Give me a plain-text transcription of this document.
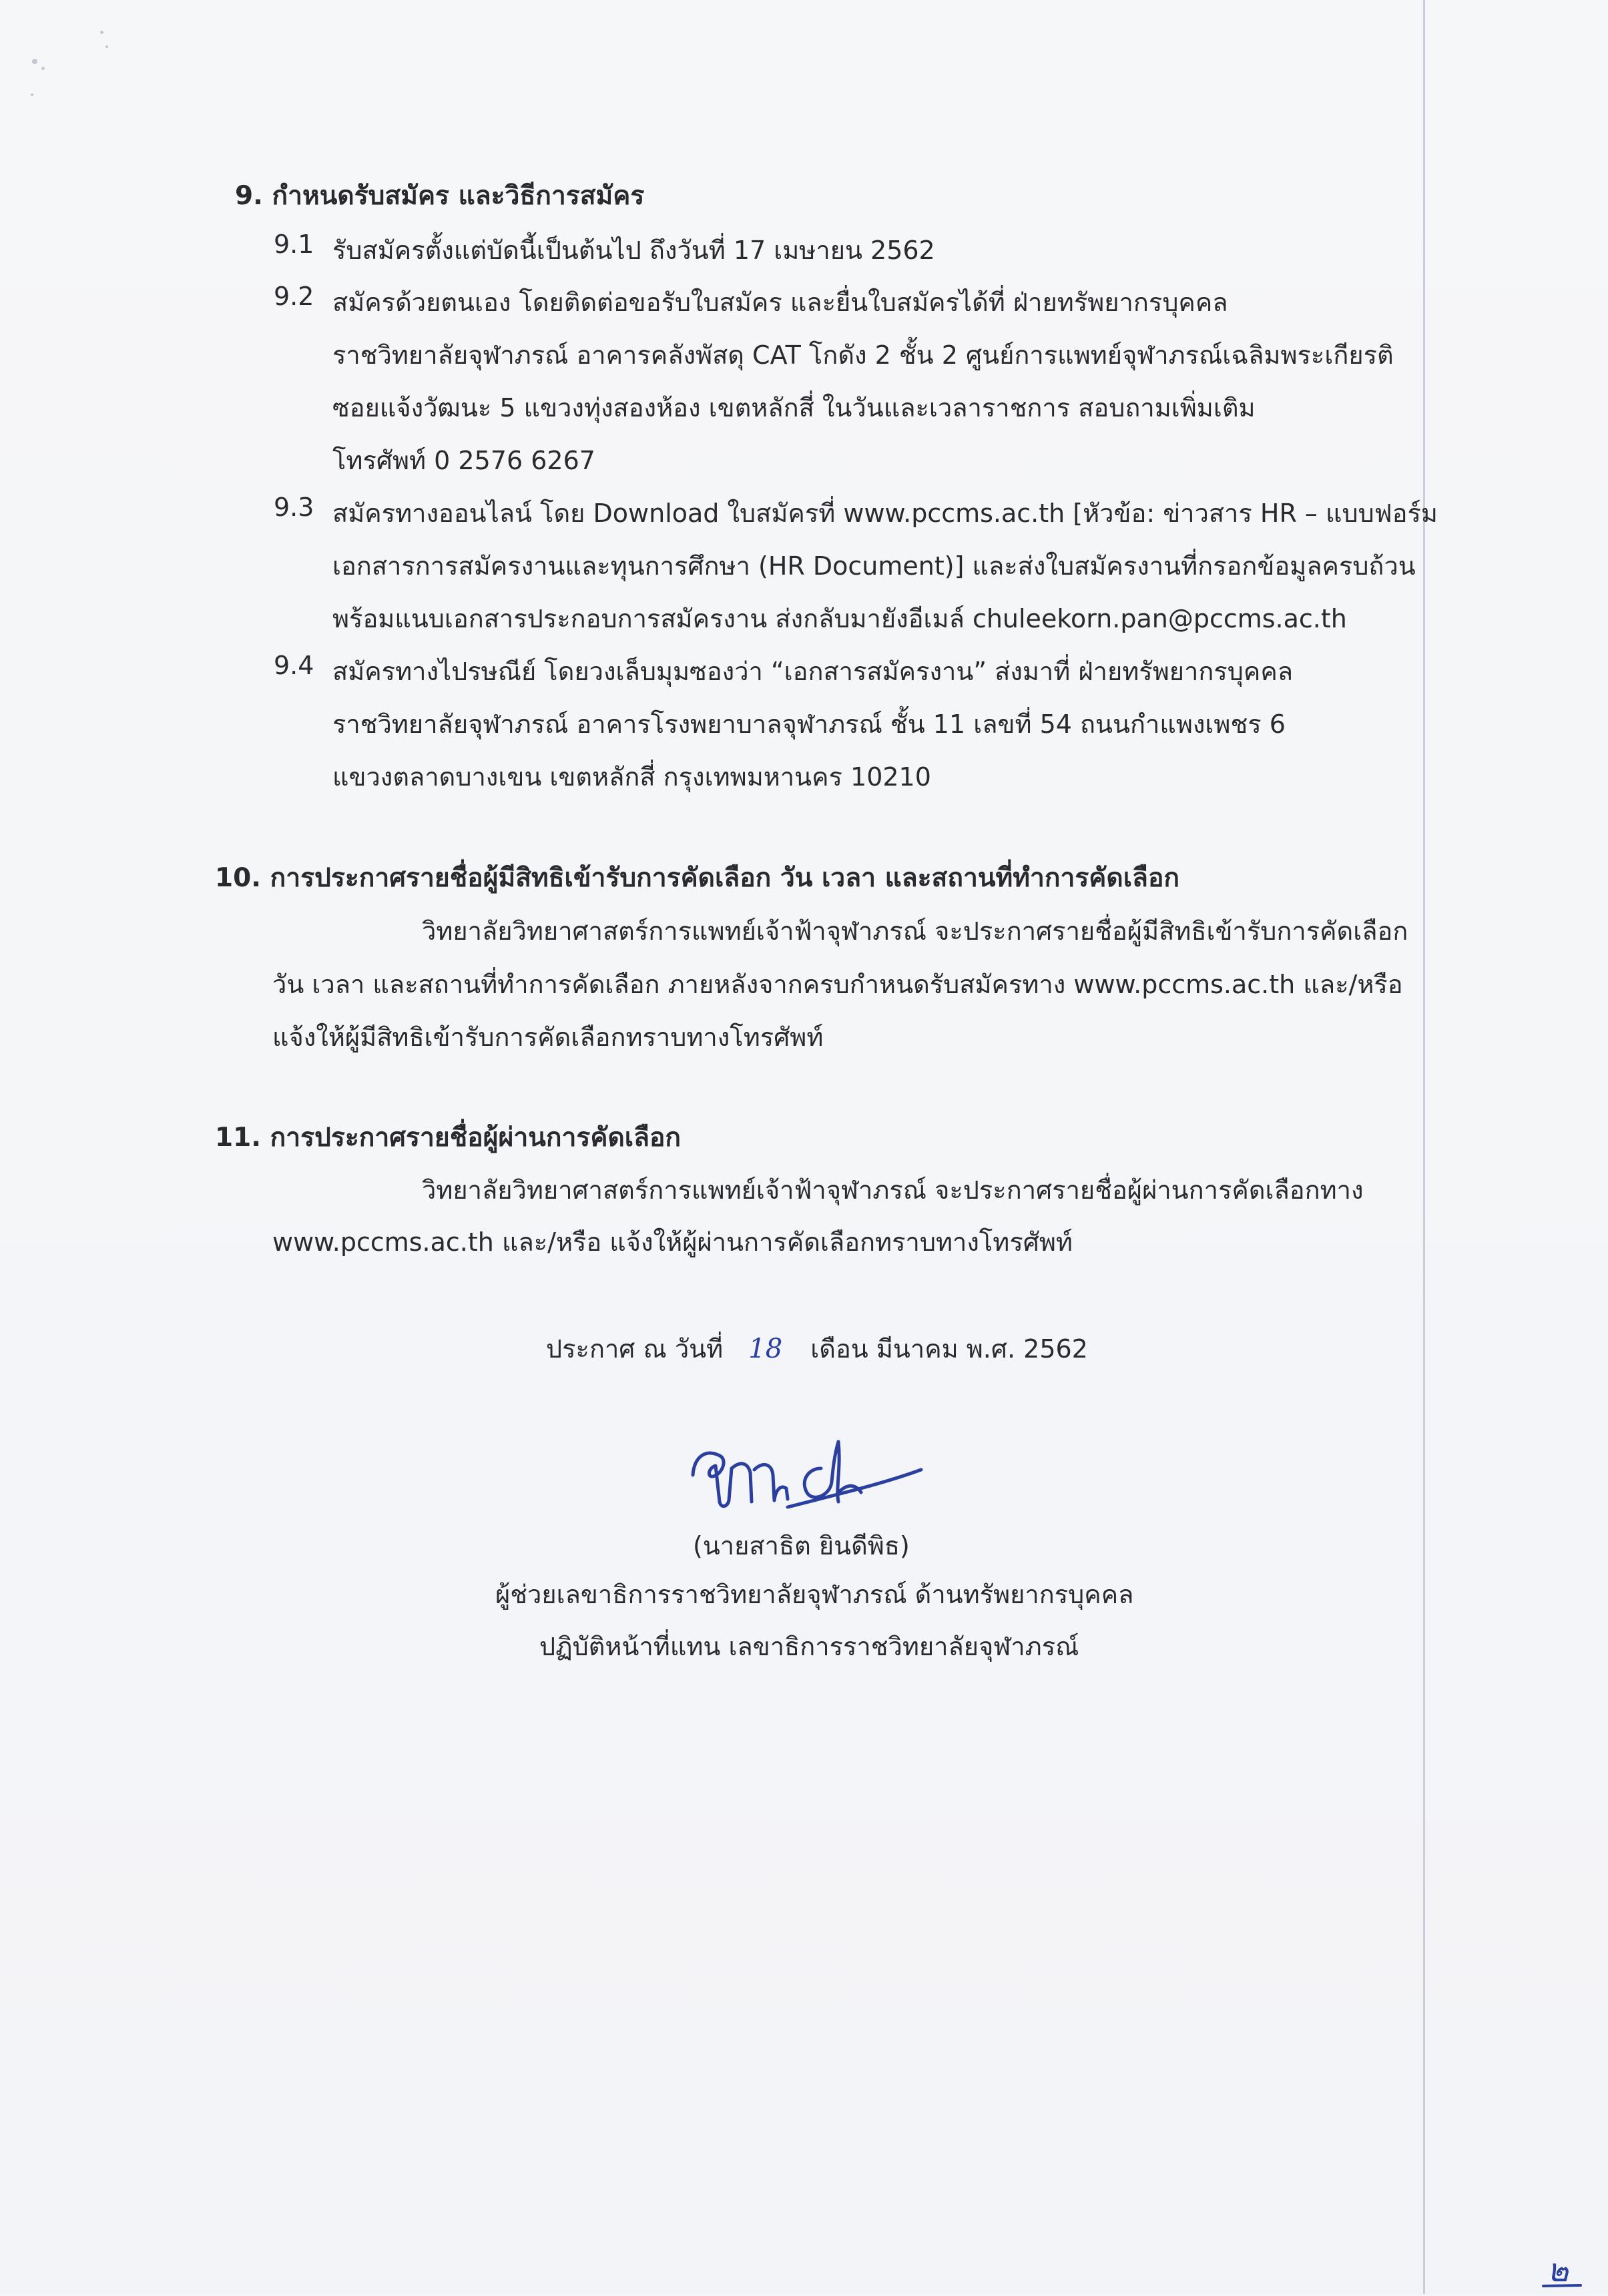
9. กำหนดรับสมัคร และวิธีการสมัคร
9.1 รับสมัครตั้งแต่บัดนี้เป็นต้นไป ถึงวันที่ 17 เมษายน 2562
9.2 สมัครด้วยตนเอง โดยติดต่อขอรับใบสมัคร และยื่นใบสมัครได้ที่ ฝ่ายทรัพยากรบุคคล
ราชวิทยาลัยจุฬาภรณ์ อาคารคลังพัสดุ CAT โกดัง 2 ชั้น 2 ศูนย์การแพทย์จุฬาภรณ์เฉลิมพระเกียรติ
ซอยแจ้งวัฒนะ 5 แขวงทุ่งสองห้อง เขตหลักสี่ ในวันและเวลาราชการ สอบถามเพิ่มเติม
โทรศัพท์ 0 2576 6267
9.3 สมัครทางออนไลน์ โดย Download ใบสมัครที่ www.pccms.ac.th [หัวข้อ: ข่าวสาร HR – แบบฟอร์ม
เอกสารการสมัครงานและทุนการศึกษา (HR Document)] และส่งใบสมัครงานที่กรอกข้อมูลครบถ้วน
พร้อมแนบเอกสารประกอบการสมัครงาน ส่งกลับมายังอีเมล์ chuleekorn.pan@pccms.ac.th
9.4 สมัครทางไปรษณีย์ โดยวงเล็บมุมซองว่า “เอกสารสมัครงาน” ส่งมาที่ ฝ่ายทรัพยากรบุคคล
ราชวิทยาลัยจุฬาภรณ์ อาคารโรงพยาบาลจุฬาภรณ์ ชั้น 11 เลขที่ 54 ถนนกำแพงเพชร 6
แขวงตลาดบางเขน เขตหลักสี่ กรุงเทพมหานคร 10210
10. การประกาศรายชื่อผู้มีสิทธิเข้ารับการคัดเลือก วัน เวลา และสถานที่ทำการคัดเลือก
วิทยาลัยวิทยาศาสตร์การแพทย์เจ้าฟ้าจุฬาภรณ์ จะประกาศรายชื่อผู้มีสิทธิเข้ารับการคัดเลือก
วัน เวลา และสถานที่ทำการคัดเลือก ภายหลังจากครบกำหนดรับสมัครทาง www.pccms.ac.th และ/หรือ
แจ้งให้ผู้มีสิทธิเข้ารับการคัดเลือกทราบทางโทรศัพท์
11. การประกาศรายชื่อผู้ผ่านการคัดเลือก
วิทยาลัยวิทยาศาสตร์การแพทย์เจ้าฟ้าจุฬาภรณ์ จะประกาศรายชื่อผู้ผ่านการคัดเลือกทาง
www.pccms.ac.th และ/หรือ แจ้งให้ผู้ผ่านการคัดเลือกทราบทางโทรศัพท์
ประกาศ ณ วันที่ 18 เดือน มีนาคม พ.ศ. 2562
(นายสาธิต ยินดีพิธ)
ผู้ช่วยเลขาธิการราชวิทยาลัยจุฬาภรณ์ ด้านทรัพยากรบุคคล
ปฏิบัติหน้าที่แทน เลขาธิการราชวิทยาลัยจุฬาภรณ์
๒
